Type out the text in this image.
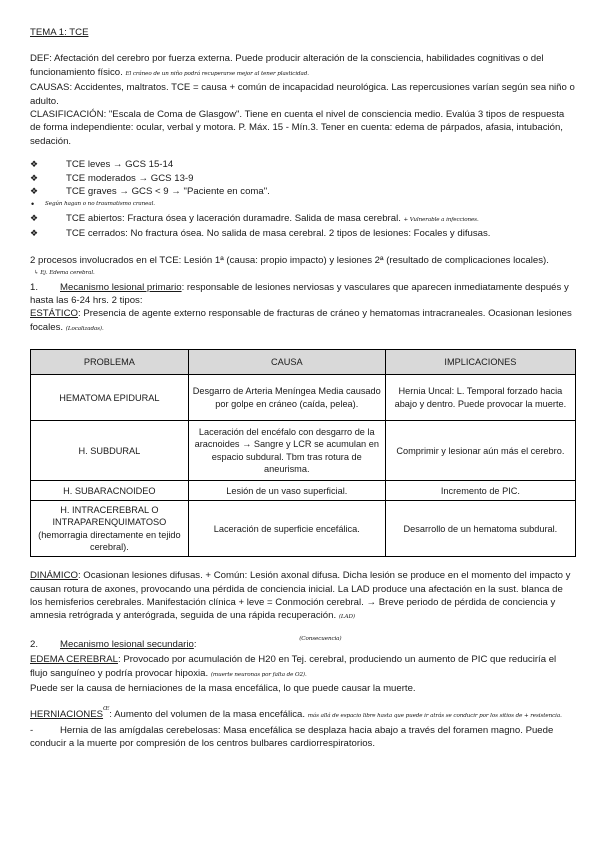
TEMA 1: TCE

DEF: Afectación del cerebro por fuerza externa. Puede producir alteración de la consciencia, habilidades cognitivas o del funcionamiento físico. El cráneo de un niño podrá recuperarse mejor al tener plasticidad.

CAUSAS: Accidentes, maltratos. TCE = causa + común de incapacidad neurológica. Las repercusiones varían según sea niño o adulto.

CLASIFICACIÓN: "Escala de Coma de Glasgow". Tiene en cuenta el nivel de consciencia medio. Evalúa 3 tipos de respuesta de forma independiente: ocular, verbal y motora. P. Máx. 15 - Mín.3. Tener en cuenta: edema de párpados, afasia, intubación, sedación.

❖	TCE leves → GCS 15-14
❖	TCE moderados → GCS 13-9
❖	TCE graves → GCS < 9 → "Paciente en coma".
•	Según hagan o no traumatismo craneal.
❖	TCE abiertos: Fractura ósea y laceración duramadre. Salida de masa cerebral. + Vulnerable a infecciones.
❖	TCE cerrados: No fractura ósea. No salida de masa cerebral. 2 tipos de lesiones: Focales y difusas.

2 procesos involucrados en el TCE: Lesión 1ª (causa: propio impacto) y lesiones 2ª (resultado de complicaciones locales).

↳ Ej. Edema cerebral.

1. Mecanismo lesional primario: responsable de lesiones nerviosas y vasculares que aparecen inmediatamente después y hasta las 6-24 hrs. 2 tipos:

ESTÁTICO: Presencia de agente externo responsable de fracturas de cráneo y hematomas intracraneales. Ocasionan lesiones focales. (Localizadas).

PROBLEMA	CAUSA	IMPLICACIONES
HEMATOMA EPIDURAL	Desgarro de Arteria Meníngea Media causado por golpe en cráneo (caída, pelea).	Hernia Uncal: L. Temporal forzado hacia abajo y dentro. Puede provocar la muerte.
H. SUBDURAL	Laceración del encéfalo con desgarro de la aracnoides → Sangre y LCR se acumulan en espacio subdural. Tbm tras rotura de aneurisma.	Comprimir y lesionar aún más el cerebro.
H. SUBARACNOIDEO	Lesión de un vaso superficial.	Incremento de PIC.
H. INTRACEREBRAL O INTRAPARENQUIMATOSO (hemorragia directamente en tejido cerebral).	Laceración de superficie encefálica.	Desarrollo de un hematoma subdural.

DINÁMICO: Ocasionan lesiones difusas. + Común: Lesión axonal difusa. Dicha lesión se produce en el momento del impacto y causan rotura de axones, provocando una pérdida de conciencia inicial. La LAD produce una afectación en la sust. blanca de los hemisferios cerebrales. Manifestación clínica + leve = Conmoción cerebral. → Breve periodo de pérdida de conciencia y amnesia retrógrada y anterógrada, seguida de una rápida recuperación. (LAD)

2. Mecanismo lesional secundario:	$^{(Consecuencia)}$

EDEMA CEREBRAL: Provocado por acumulación de H20 en Tej. cerebral, produciendo un aumento de PIC que reduciría el flujo sanguíneo y podría provocar hipoxia. (muerte neuronas por falta de O2).

Puede ser la causa de herniaciones de la masa encefálica, lo que puede causar la muerte.

$HERNIACIONES^Œ$: Aumento del volumen de la masa encefálica. más allá de espacio libre hasta que puede ir atrás se conducir por los sitios de + resistencia.

-	Hernia de las amígdalas cerebelosas: Masa encefálica se desplaza hacia abajo a través del foramen magno. Puede conducir a la muerte por compresión de los centros bulbares cardiorrespiratorios.
